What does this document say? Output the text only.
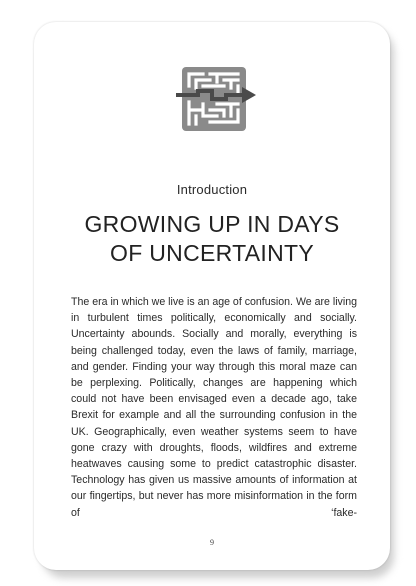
Introduction
GROWING UP IN DAYS
OF UNCERTAINTY

The era in which we live is an age of confusion. We are living in turbulent times politically, economically and socially. Uncertainty abounds. Socially and morally, everything is being challenged today, even the laws of family, marriage, and gender. Finding your way through this moral maze can be perplexing. Politically, changes are happening which could not have been envisaged even a decade ago, take Brexit for example and all the surrounding confusion in the UK. Geographically, even weather systems seem to have gone crazy with droughts, floods, wildfires and extreme heatwaves causing some to predict catastrophic disaster. Technology has given us massive amounts of information at our fingertips, but never has more misinformation in the form of ‘fake-

9
